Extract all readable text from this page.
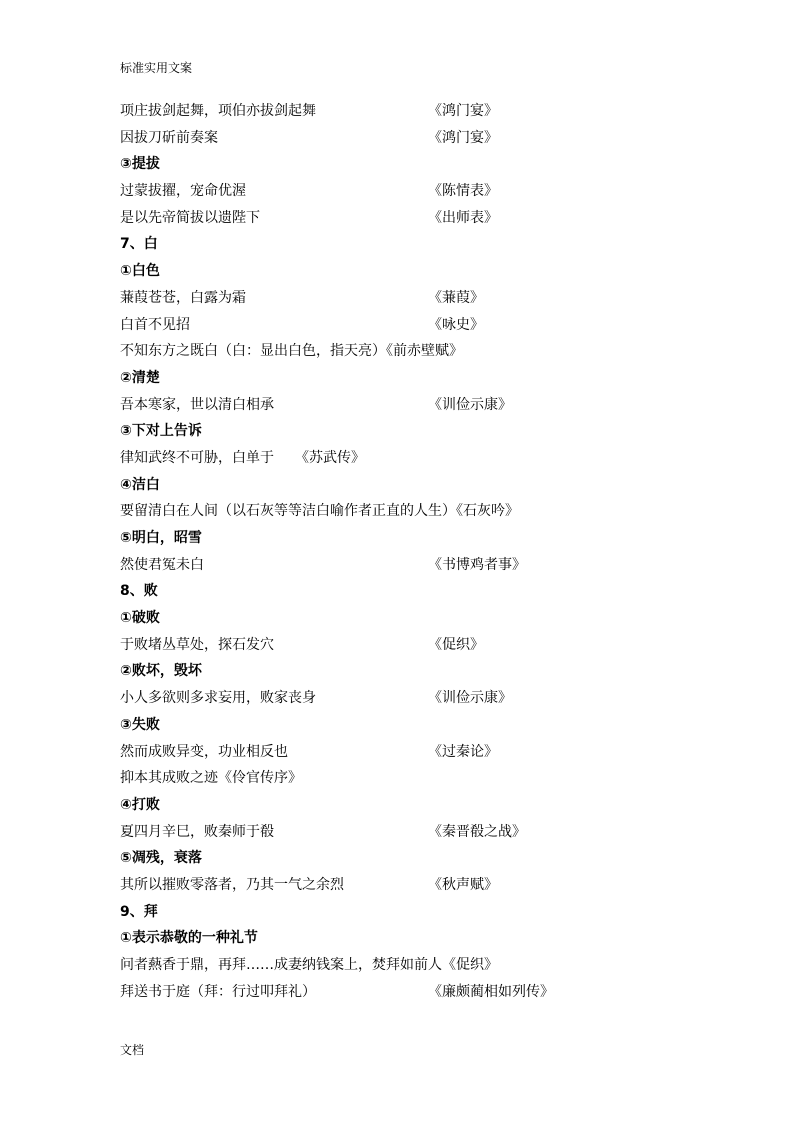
标准实用文案
项庄拔剑起舞，项伯亦拔剑起舞	《鸿门宴》
因拔刀斫前奏案	《鸿门宴》
③提拔
过蒙拔擢，宠命优渥	《陈情表》
是以先帝简拔以遗陛下	《出师表》
7、白
①白色
蒹葭苍苍，白露为霜	《蒹葭》
白首不见招	《咏史》
不知东方之既白（白：显出白色，指天亮）《前赤壁赋》
②清楚
吾本寒家，世以清白相承	《训俭示康》
③下对上告诉
律知武终不可胁，白单于　　《苏武传》
④洁白
要留清白在人间（以石灰等等洁白喻作者正直的人生）《石灰吟》
⑤明白，昭雪
然使君冤未白	《书博鸡者事》
8、败
①破败
于败堵丛草处，探石发穴	《促织》
②败坏，毁坏
小人多欲则多求妄用，败家丧身	《训俭示康》
③失败
然而成败异变，功业相反也	《过秦论》
抑本其成败之迹《伶官传序》
④打败
夏四月辛巳，败秦师于殽	《秦晋殽之战》
⑤凋残，衰落
其所以摧败零落者，乃其一气之余烈	《秋声赋》
9、拜
①表示恭敬的一种礼节
问者爇香于鼎，再拜……成妻纳钱案上，焚拜如前人《促织》
拜送书于庭（拜：行过叩拜礼）	《廉颇蔺相如列传》
文档
